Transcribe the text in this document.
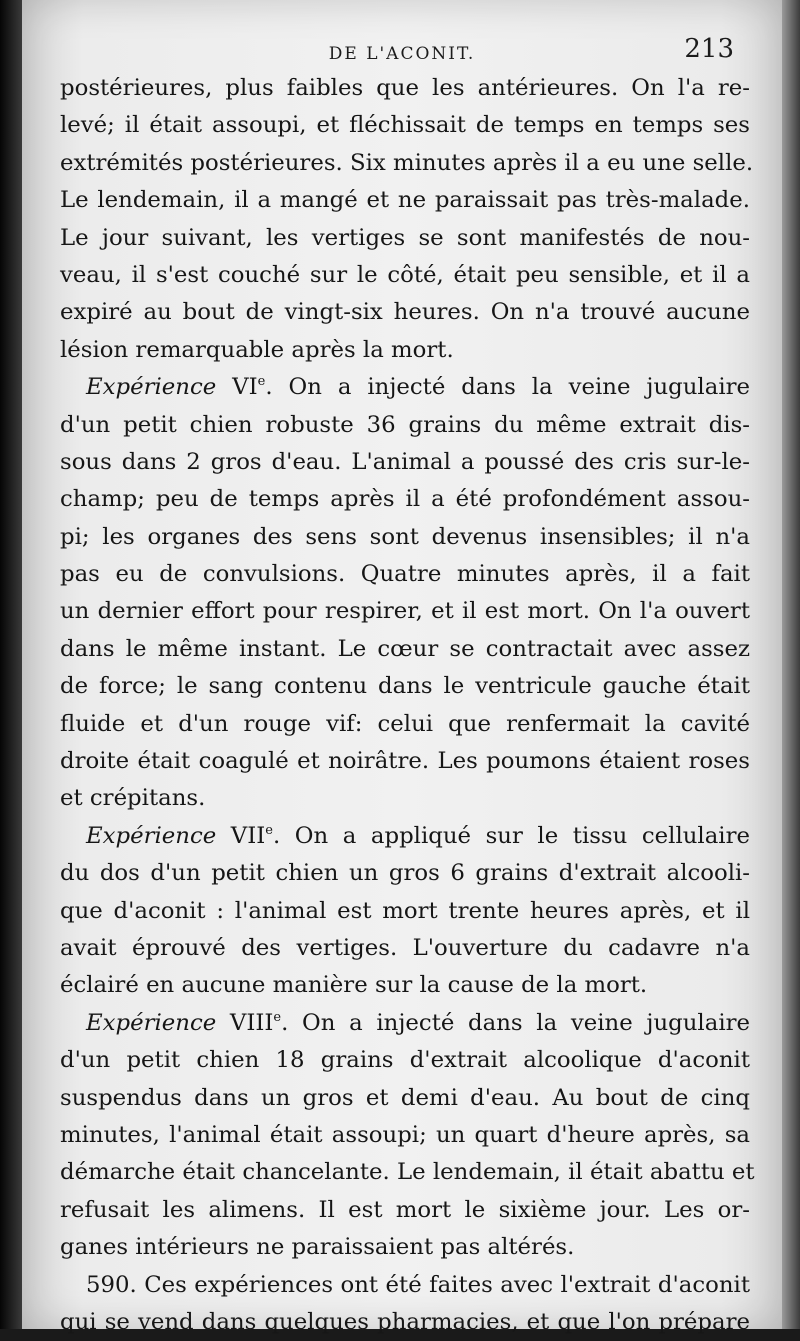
DE L'ACONIT.	213
postérieures, plus faibles que les antérieures. On l'a re-
levé; il était assoupi, et fléchissait de temps en temps ses
extrémités postérieures. Six minutes après il a eu une selle.
Le lendemain, il a mangé et ne paraissait pas très-malade.
Le jour suivant, les vertiges se sont manifestés de nou-
veau, il s'est couché sur le côté, était peu sensible, et il a
expiré au bout de vingt-six heures. On n'a trouvé aucune
lésion remarquable après la mort.
Expérience VIe. On a injecté dans la veine jugulaire
d'un petit chien robuste 36 grains du même extrait dis-
sous dans 2 gros d'eau. L'animal a poussé des cris sur-le-
champ; peu de temps après il a été profondément assou-
pi; les organes des sens sont devenus insensibles; il n'a
pas eu de convulsions. Quatre minutes après, il a fait
un dernier effort pour respirer, et il est mort. On l'a ouvert
dans le même instant. Le cœur se contractait avec assez
de force; le sang contenu dans le ventricule gauche était
fluide et d'un rouge vif: celui que renfermait la cavité
droite était coagulé et noirâtre. Les poumons étaient roses
et crépitans.
Expérience VIIe. On a appliqué sur le tissu cellulaire
du dos d'un petit chien un gros 6 grains d'extrait alcooli-
que d'aconit : l'animal est mort trente heures après, et il
avait éprouvé des vertiges. L'ouverture du cadavre n'a
éclairé en aucune manière sur la cause de la mort.
Expérience VIIIe. On a injecté dans la veine jugulaire
d'un petit chien 18 grains d'extrait alcoolique d'aconit
suspendus dans un gros et demi d'eau. Au bout de cinq
minutes, l'animal était assoupi; un quart d'heure après, sa
démarche était chancelante. Le lendemain, il était abattu et
refusait les alimens. Il est mort le sixième jour. Les or-
ganes intérieurs ne paraissaient pas altérés.
590. Ces expériences ont été faites avec l'extrait d'aconit
qui se vend dans quelques pharmacies, et que l'on prépare
